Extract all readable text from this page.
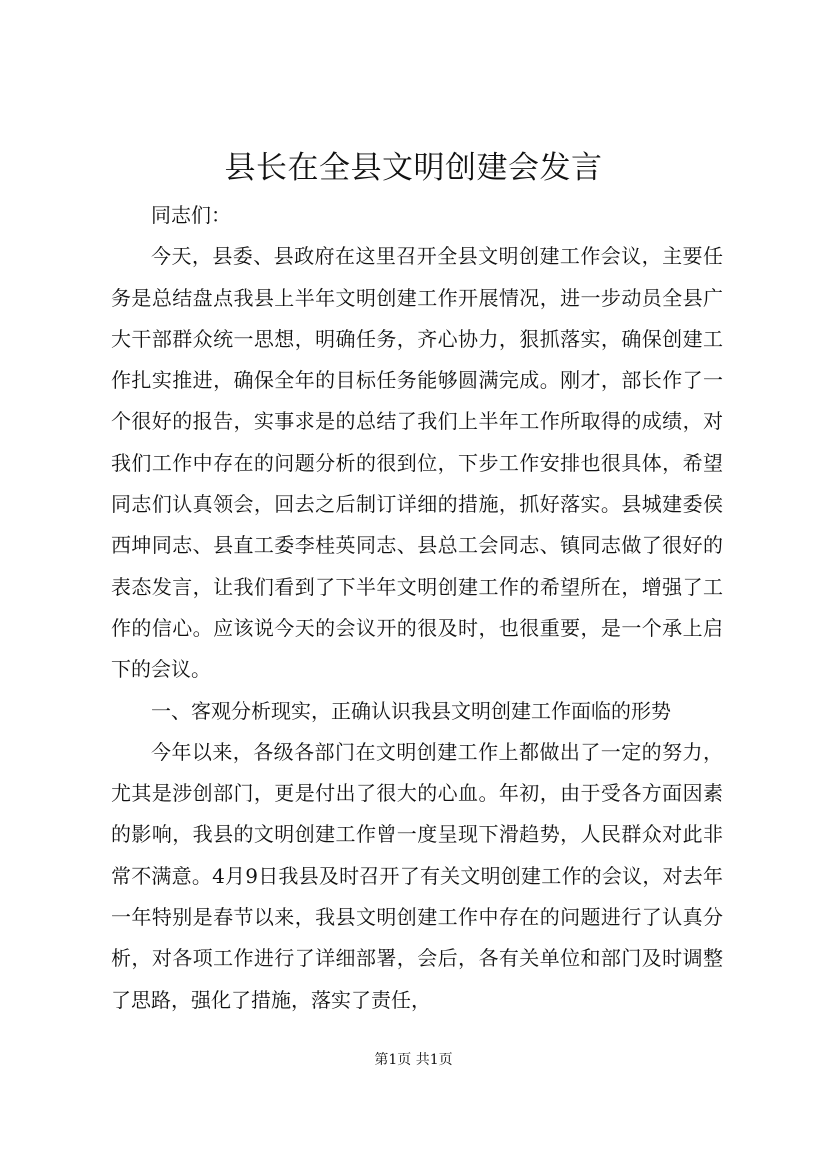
县长在全县文明创建会发言

同志们：

今天，县委、县政府在这里召开全县文明创建工作会议，主要任务是总结盘点我县上半年文明创建工作开展情况，进一步动员全县广大干部群众统一思想，明确任务，齐心协力，狠抓落实，确保创建工作扎实推进，确保全年的目标任务能够圆满完成。刚才，部长作了一个很好的报告，实事求是的总结了我们上半年工作所取得的成绩，对我们工作中存在的问题分析的很到位，下步工作安排也很具体，希望同志们认真领会，回去之后制订详细的措施，抓好落实。县城建委侯西坤同志、县直工委李桂英同志、县总工会同志、镇同志做了很好的表态发言，让我们看到了下半年文明创建工作的希望所在，增强了工作的信心。应该说今天的会议开的很及时，也很重要，是一个承上启下的会议。

一、客观分析现实，正确认识我县文明创建工作面临的形势

今年以来，各级各部门在文明创建工作上都做出了一定的努力，尤其是涉创部门，更是付出了很大的心血。年初，由于受各方面因素的影响，我县的文明创建工作曾一度呈现下滑趋势，人民群众对此非常不满意。4月9日我县及时召开了有关文明创建工作的会议，对去年一年特别是春节以来，我县文明创建工作中存在的问题进行了认真分析，对各项工作进行了详细部署，会后，各有关单位和部门及时调整了思路，强化了措施，落实了责任，

第1页 共1页
